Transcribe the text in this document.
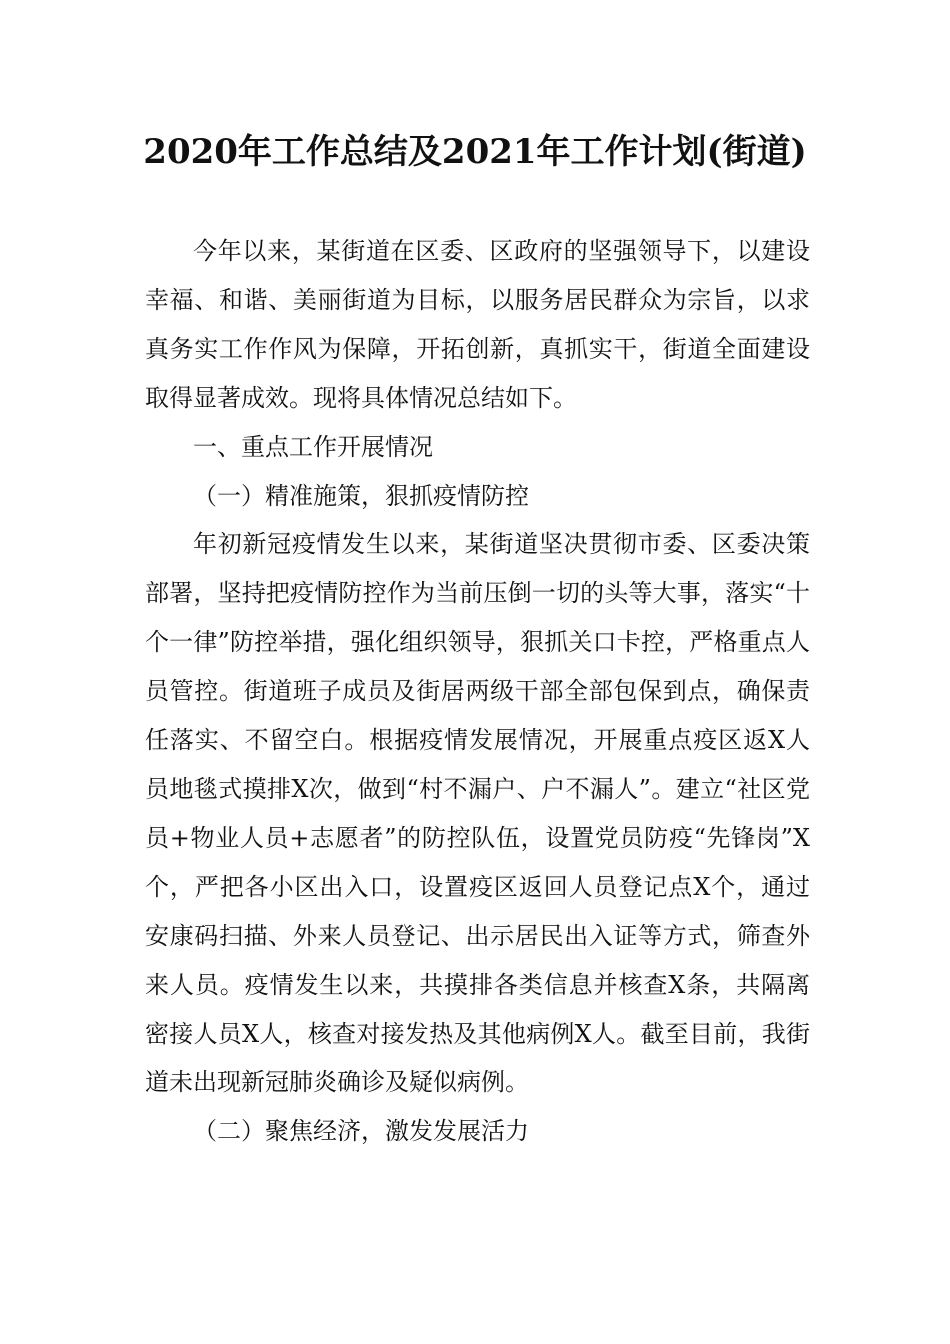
2020年工作总结及2021年工作计划(街道)

今年以来，某街道在区委、区政府的坚强领导下，以建设幸福、和谐、美丽街道为目标，以服务居民群众为宗旨，以求真务实工作作风为保障，开拓创新，真抓实干，街道全面建设取得显著成效。现将具体情况总结如下。

一、重点工作开展情况

（一）精准施策，狠抓疫情防控

年初新冠疫情发生以来，某街道坚决贯彻市委、区委决策部署，坚持把疫情防控作为当前压倒一切的头等大事，落实“十个一律”防控举措，强化组织领导，狠抓关口卡控，严格重点人员管控。街道班子成员及街居两级干部全部包保到点，确保责任落实、不留空白。根据疫情发展情况，开展重点疫区返X人员地毯式摸排X次，做到“村不漏户、户不漏人”。建立“社区党员+物业人员+志愿者”的防控队伍，设置党员防疫“先锋岗”X个，严把各小区出入口，设置疫区返回人员登记点X个，通过安康码扫描、外来人员登记、出示居民出入证等方式，筛查外来人员。疫情发生以来，共摸排各类信息并核查X条，共隔离密接人员X人，核查对接发热及其他病例X人。截至目前，我街道未出现新冠肺炎确诊及疑似病例。

（二）聚焦经济，激发发展活力
